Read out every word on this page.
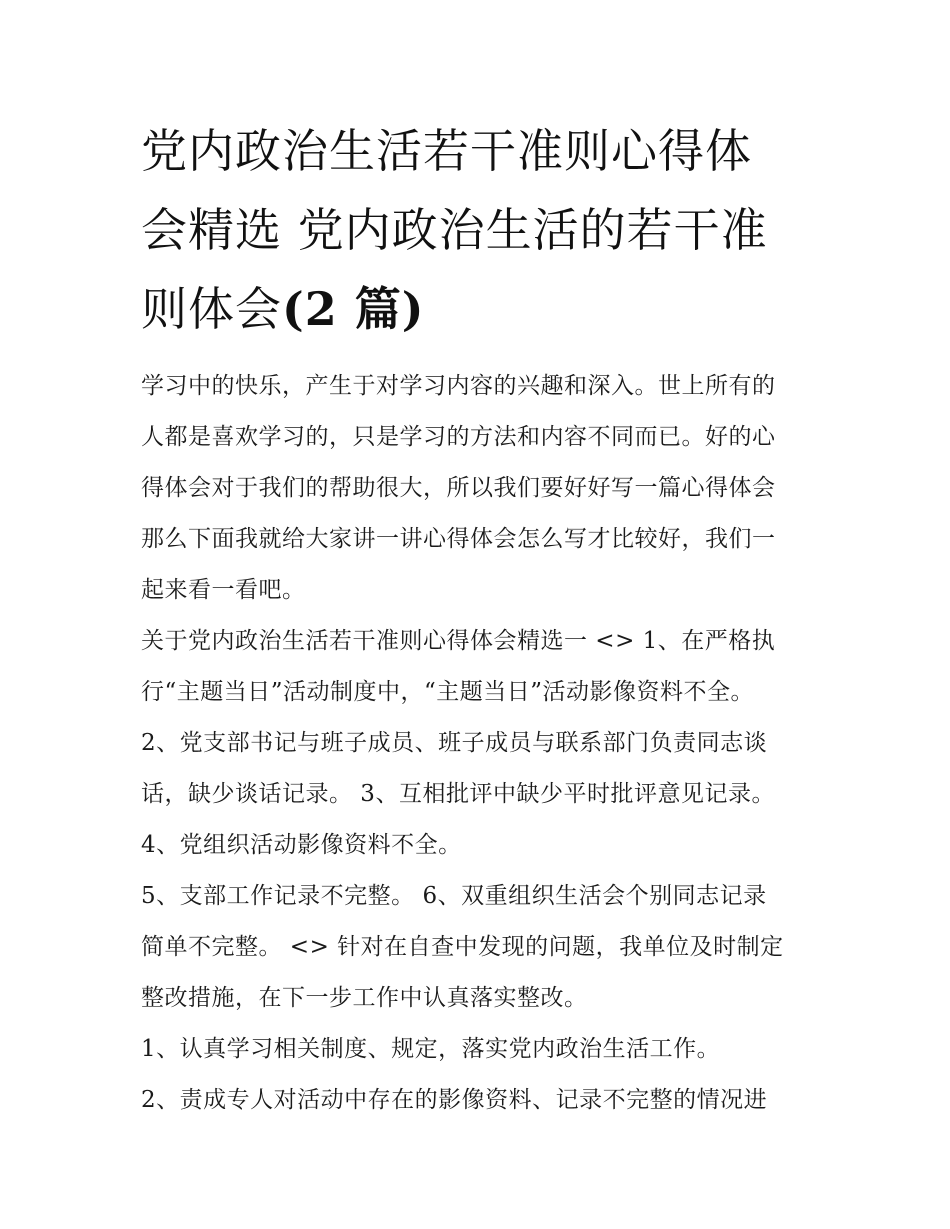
党内政治生活若干准则心得体
会精选 党内政治生活的若干准
则体会(2 篇)

学习中的快乐，产生于对学习内容的兴趣和深入。世上所有的
人都是喜欢学习的，只是学习的方法和内容不同而已。好的心
得体会对于我们的帮助很大，所以我们要好好写一篇心得体会
那么下面我就给大家讲一讲心得体会怎么写才比较好，我们一
起来看一看吧。

关于党内政治生活若干准则心得体会精选一 <> 1、在严格执
行“主题当日”活动制度中，“主题当日”活动影像资料不全。

2、党支部书记与班子成员、班子成员与联系部门负责同志谈
话，缺少谈话记录。 3、互相批评中缺少平时批评意见记录。

4、党组织活动影像资料不全。

5、支部工作记录不完整。 6、双重组织生活会个别同志记录
简单不完整。 <> 针对在自查中发现的问题，我单位及时制定
整改措施，在下一步工作中认真落实整改。

1、认真学习相关制度、规定，落实党内政治生活工作。

2、责成专人对活动中存在的影像资料、记录不完整的情况进
